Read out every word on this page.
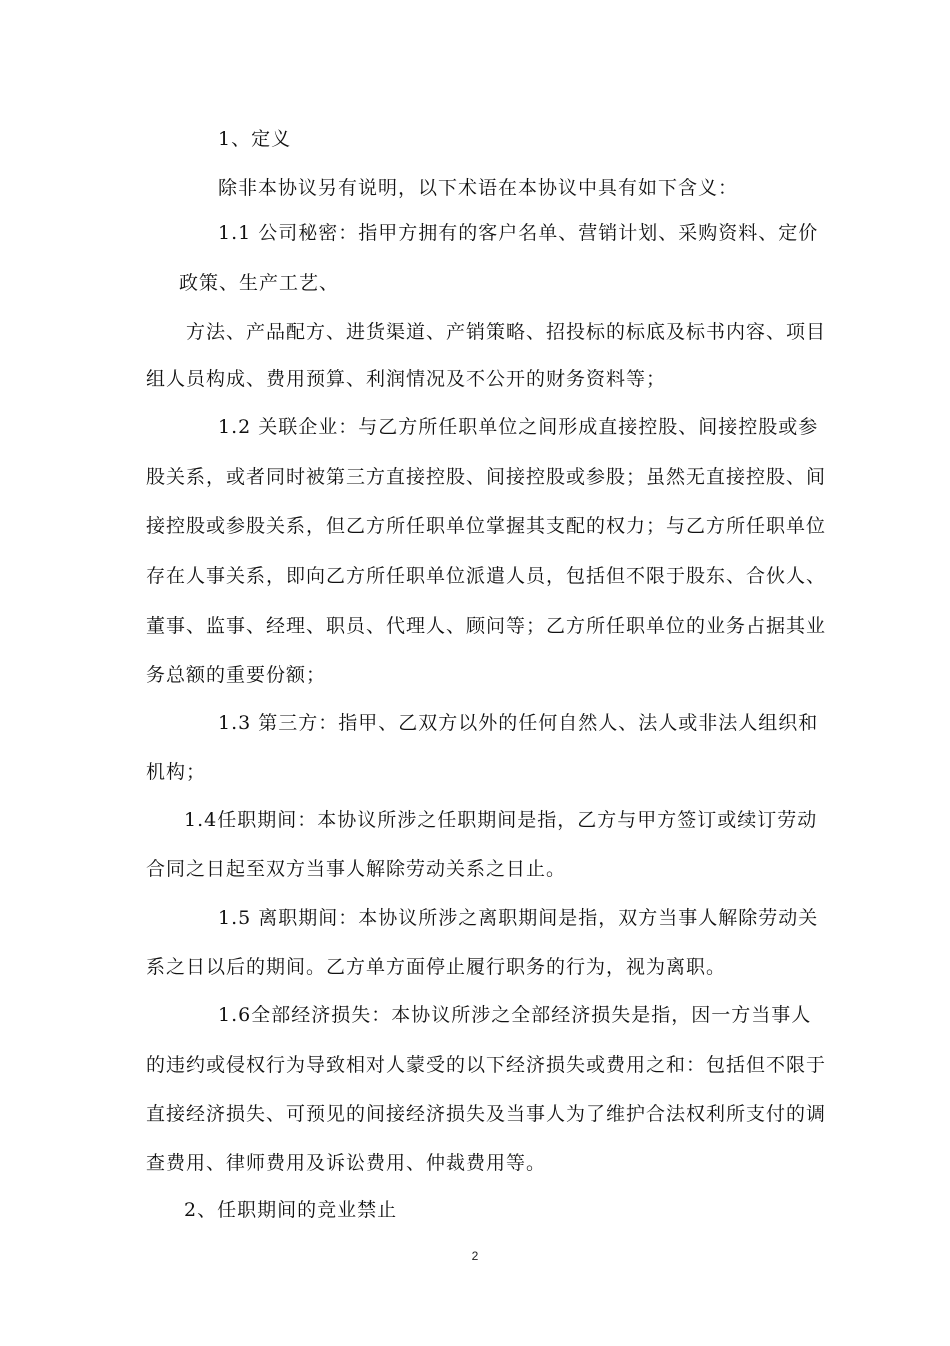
1、定义
除非本协议另有说明，以下术语在本协议中具有如下含义：
1.1 公司秘密：指甲方拥有的客户名单、营销计划、采购资料、定价
政策、生产工艺、
方法、产品配方、进货渠道、产销策略、招投标的标底及标书内容、项目
组人员构成、费用预算、利润情况及不公开的财务资料等；
1.2 关联企业：与乙方所任职单位之间形成直接控股、间接控股或参
股关系，或者同时被第三方直接控股、间接控股或参股；虽然无直接控股、间
接控股或参股关系，但乙方所任职单位掌握其支配的权力；与乙方所任职单位
存在人事关系，即向乙方所任职单位派遣人员，包括但不限于股东、合伙人、
董事、监事、经理、职员、代理人、顾问等；乙方所任职单位的业务占据其业
务总额的重要份额；
1.3 第三方：指甲、乙双方以外的任何自然人、法人或非法人组织和
机构；
1.4任职期间：本协议所涉之任职期间是指，乙方与甲方签订或续订劳动
合同之日起至双方当事人解除劳动关系之日止。
1.5 离职期间：本协议所涉之离职期间是指，双方当事人解除劳动关
系之日以后的期间。乙方单方面停止履行职务的行为，视为离职。
1.6全部经济损失：本协议所涉之全部经济损失是指，因一方当事人
的违约或侵权行为导致相对人蒙受的以下经济损失或费用之和：包括但不限于
直接经济损失、可预见的间接经济损失及当事人为了维护合法权利所支付的调
查费用、律师费用及诉讼费用、仲裁费用等。
2、任职期间的竞业禁止
2
